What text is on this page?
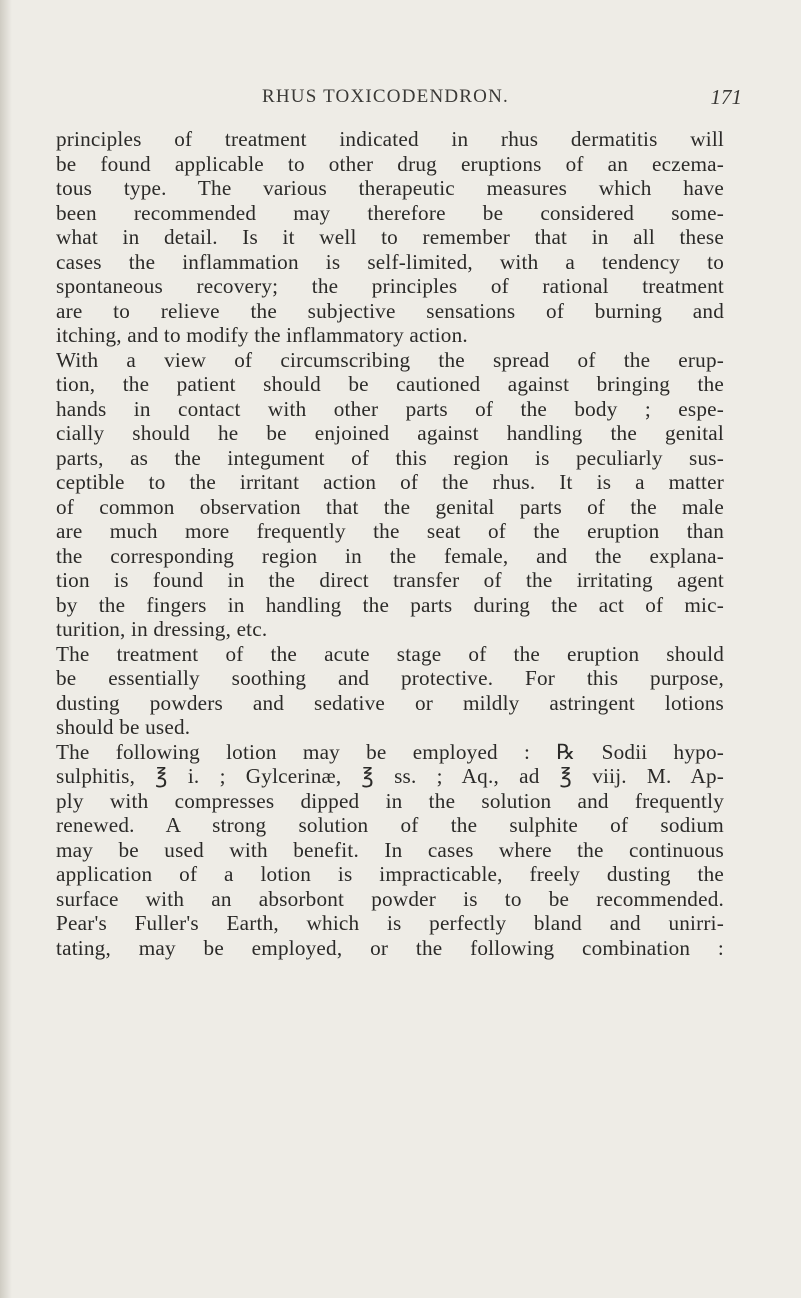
RHUS TOXICODENDRON.	171
principles of treatment indicated in rhus dermatitis will
be found applicable to other drug eruptions of an eczema-
tous type. The various therapeutic measures which have
been recommended may therefore be considered some-
what in detail. Is it well to remember that in all these
cases the inflammation is self-limited, with a tendency to
spontaneous recovery; the principles of rational treatment
are to relieve the subjective sensations of burning and
itching, and to modify the inflammatory action.
With a view of circumscribing the spread of the erup-
tion, the patient should be cautioned against bringing the
hands in contact with other parts of the body ; espe-
cially should he be enjoined against handling the genital
parts, as the integument of this region is peculiarly sus-
ceptible to the irritant action of the rhus. It is a matter
of common observation that the genital parts of the male
are much more frequently the seat of the eruption than
the corresponding region in the female, and the explana-
tion is found in the direct transfer of the irritating agent
by the fingers in handling the parts during the act of mic-
turition, in dressing, etc.
The treatment of the acute stage of the eruption should
be essentially soothing and protective. For this purpose,
dusting powders and sedative or mildly astringent lotions
should be used.
The following lotion may be employed : ℞ Sodii hypo-
sulphitis, ℥ i. ; Gylcerinæ, ℥ ss. ; Aq., ad ℥ viij. M. Ap-
ply with compresses dipped in the solution and frequently
renewed. A strong solution of the sulphite of sodium
may be used with benefit. In cases where the continuous
application of a lotion is impracticable, freely dusting the
surface with an absorbont powder is to be recommended.
Pear's Fuller's Earth, which is perfectly bland and unirri-
tating, may be employed, or the following combination :
